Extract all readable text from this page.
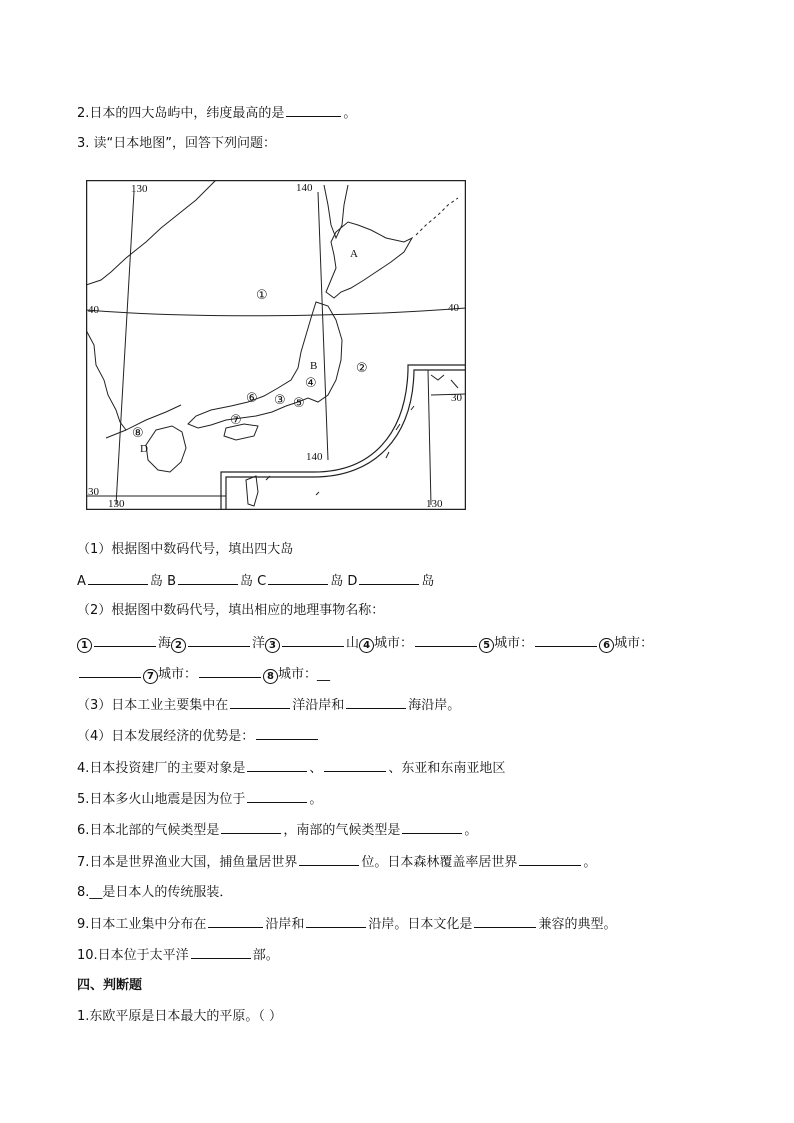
2.日本的四大岛屿中，纬度最高的是	。
3. 读“日本地图”，回答下列问题：
130	140
140
130	130
40	40
30
30
A
B
D
①
②
③
④
⑤
⑥
⑦
⑧
（1）根据图中数码代号，填出四大岛
A	岛 B	岛 C	岛 D	岛
（2）根据图中数码代号，填出相应的地理事物名称：
1	海 2	洋 3	山 4 城市：	5 城市：	6 城市：
7 城市：	8 城市：__
（3）日本工业主要集中在	洋沿岸和	海沿岸。
（4）日本发展经济的优势是：
4.日本投资建厂的主要对象是	、	、东亚和东南亚地区
5.日本多火山地震是因为位于	。
6.日本北部的气候类型是	，南部的气候类型是	。
7.日本是世界渔业大国，捕鱼量居世界	位。日本森林覆盖率居世界	。
8.__是日本人的传统服装．
9.日本工业集中分布在	沿岸和	沿岸。日本文化是	兼容的典型。
10.日本位于太平洋	部。
四、判断题
1.东欧平原是日本最大的平原。（ ）
